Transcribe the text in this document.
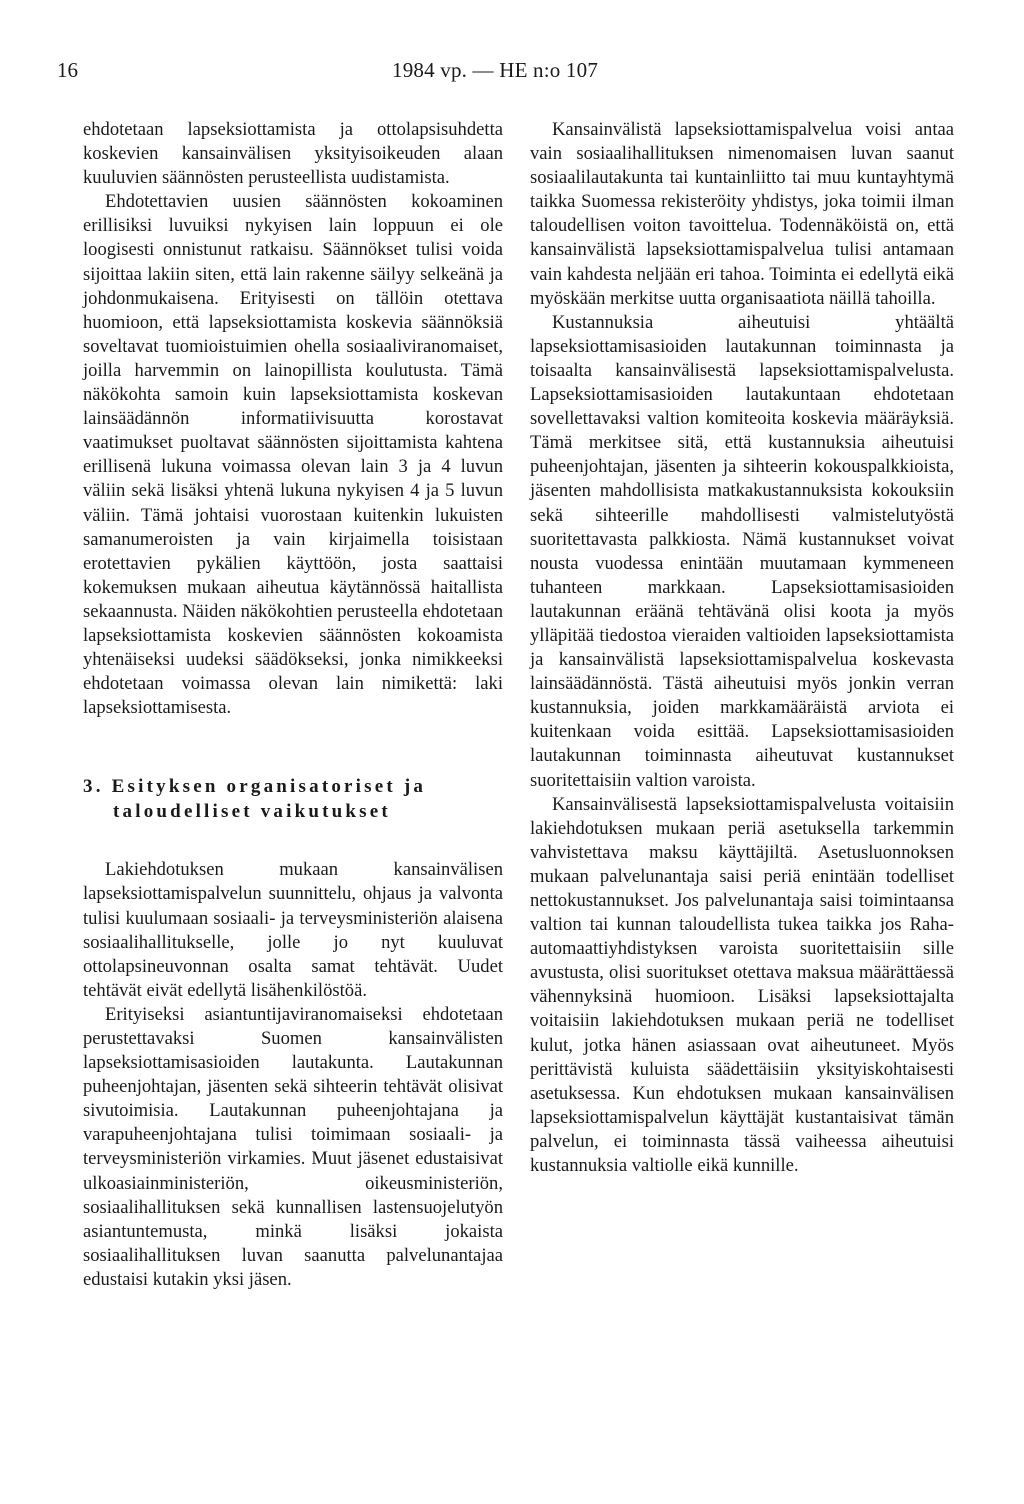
16	1984 vp. — HE n:o 107

ehdotetaan lapseksiottamista ja ottolapsisuhdetta koskevien kansainvälisen yksityisoikeuden alaan kuuluvien säännösten perusteellista uudistamista.

Ehdotettavien uusien säännösten kokoaminen erillisiksi luvuiksi nykyisen lain loppuun ei ole loogisesti onnistunut ratkaisu. Säännökset tulisi voida sijoittaa lakiin siten, että lain rakenne säilyy selkeänä ja johdonmukaisena. Erityisesti on tällöin otettava huomioon, että lapseksiottamista koskevia säännöksiä soveltavat tuomioistuimien ohella sosiaaliviranomaiset, joilla harvemmin on lainopillista koulutusta. Tämä näkökohta samoin kuin lapseksiottamista koskevan lainsäädännön informatiivisuutta korostavat vaatimukset puoltavat säännösten sijoittamista kahtena erillisenä lukuna voimassa olevan lain 3 ja 4 luvun väliin sekä lisäksi yhtenä lukuna nykyisen 4 ja 5 luvun väliin. Tämä johtaisi vuorostaan kuitenkin lukuisten samanumeroisten ja vain kirjaimella toisistaan erotettavien pykälien käyttöön, josta saattaisi kokemuksen mukaan aiheutua käytännössä haitallista sekaannusta. Näiden näkökohtien perusteella ehdotetaan lapseksiottamista koskevien säännösten kokoamista yhtenäiseksi uudeksi säädökseksi, jonka nimikkeeksi ehdotetaan voimassa olevan lain nimikettä: laki lapseksiottamisesta.

3. Esityksen organisatoriset ja
taloudelliset vaikutukset

Lakiehdotuksen mukaan kansainvälisen lapseksiottamispalvelun suunnittelu, ohjaus ja valvonta tulisi kuulumaan sosiaali- ja terveysministeriön alaisena sosiaalihallitukselle, jolle jo nyt kuuluvat ottolapsineuvonnan osalta samat tehtävät. Uudet tehtävät eivät edellytä lisähenkilöstöä.

Erityiseksi asiantuntijaviranomaiseksi ehdotetaan perustettavaksi Suomen kansainvälisten lapseksiottamisasioiden lautakunta. Lautakunnan puheenjohtajan, jäsenten sekä sihteerin tehtävät olisivat sivutoimisia. Lautakunnan puheenjohtajana ja varapuheenjohtajana tulisi toimimaan sosiaali- ja terveysministeriön virkamies. Muut jäsenet edustaisivat ulkoasiainministeriön, oikeusministeriön, sosiaalihallituksen sekä kunnallisen lastensuojelutyön asiantuntemusta, minkä lisäksi jokaista sosiaalihallituksen luvan saanutta palvelunantajaa edustaisi kutakin yksi jäsen.

Kansainvälistä lapseksiottamispalvelua voisi antaa vain sosiaalihallituksen nimenomaisen luvan saanut sosiaalilautakunta tai kuntainliitto tai muu kuntayhtymä taikka Suomessa rekisteröity yhdistys, joka toimii ilman taloudellisen voiton tavoittelua. Todennäköistä on, että kansainvälistä lapseksiottamispalvelua tulisi antamaan vain kahdesta neljään eri tahoa. Toiminta ei edellytä eikä myöskään merkitse uutta organisaatiota näillä tahoilla.

Kustannuksia aiheutuisi yhtäältä lapseksiottamisasioiden lautakunnan toiminnasta ja toisaalta kansainvälisestä lapseksiottamispalvelusta. Lapseksiottamisasioiden lautakuntaan ehdotetaan sovellettavaksi valtion komiteoita koskevia määräyksiä. Tämä merkitsee sitä, että kustannuksia aiheutuisi puheenjohtajan, jäsenten ja sihteerin kokouspalkkioista, jäsenten mahdollisista matkakustannuksista kokouksiin sekä sihteerille mahdollisesti valmistelutyöstä suoritettavasta palkkiosta. Nämä kustannukset voivat nousta vuodessa enintään muutamaan kymmeneen tuhanteen markkaan. Lapseksiottamisasioiden lautakunnan eräänä tehtävänä olisi koota ja myös ylläpitää tiedostoa vieraiden valtioiden lapseksiottamista ja kansainvälistä lapseksiottamispalvelua koskevasta lainsäädännöstä. Tästä aiheutuisi myös jonkin verran kustannuksia, joiden markkamääräistä arviota ei kuitenkaan voida esittää. Lapseksiottamisasioiden lautakunnan toiminnasta aiheutuvat kustannukset suoritettaisiin valtion varoista.

Kansainvälisestä lapseksiottamispalvelusta voitaisiin lakiehdotuksen mukaan periä asetuksella tarkemmin vahvistettava maksu käyttäjiltä. Asetusluonnoksen mukaan palvelunantaja saisi periä enintään todelliset nettokustannukset. Jos palvelunantaja saisi toimintaansa valtion tai kunnan taloudellista tukea taikka jos Raha-automaattiyhdistyksen varoista suoritettaisiin sille avustusta, olisi suoritukset otettava maksua määrättäessä vähennyksinä huomioon. Lisäksi lapseksiottajalta voitaisiin lakiehdotuksen mukaan periä ne todelliset kulut, jotka hänen asiassaan ovat aiheutuneet. Myös perittävistä kuluista säädettäisiin yksityiskohtaisesti asetuksessa. Kun ehdotuksen mukaan kansainvälisen lapseksiottamispalvelun käyttäjät kustantaisivat tämän palvelun, ei toiminnasta tässä vaiheessa aiheutuisi kustannuksia valtiolle eikä kunnille.
